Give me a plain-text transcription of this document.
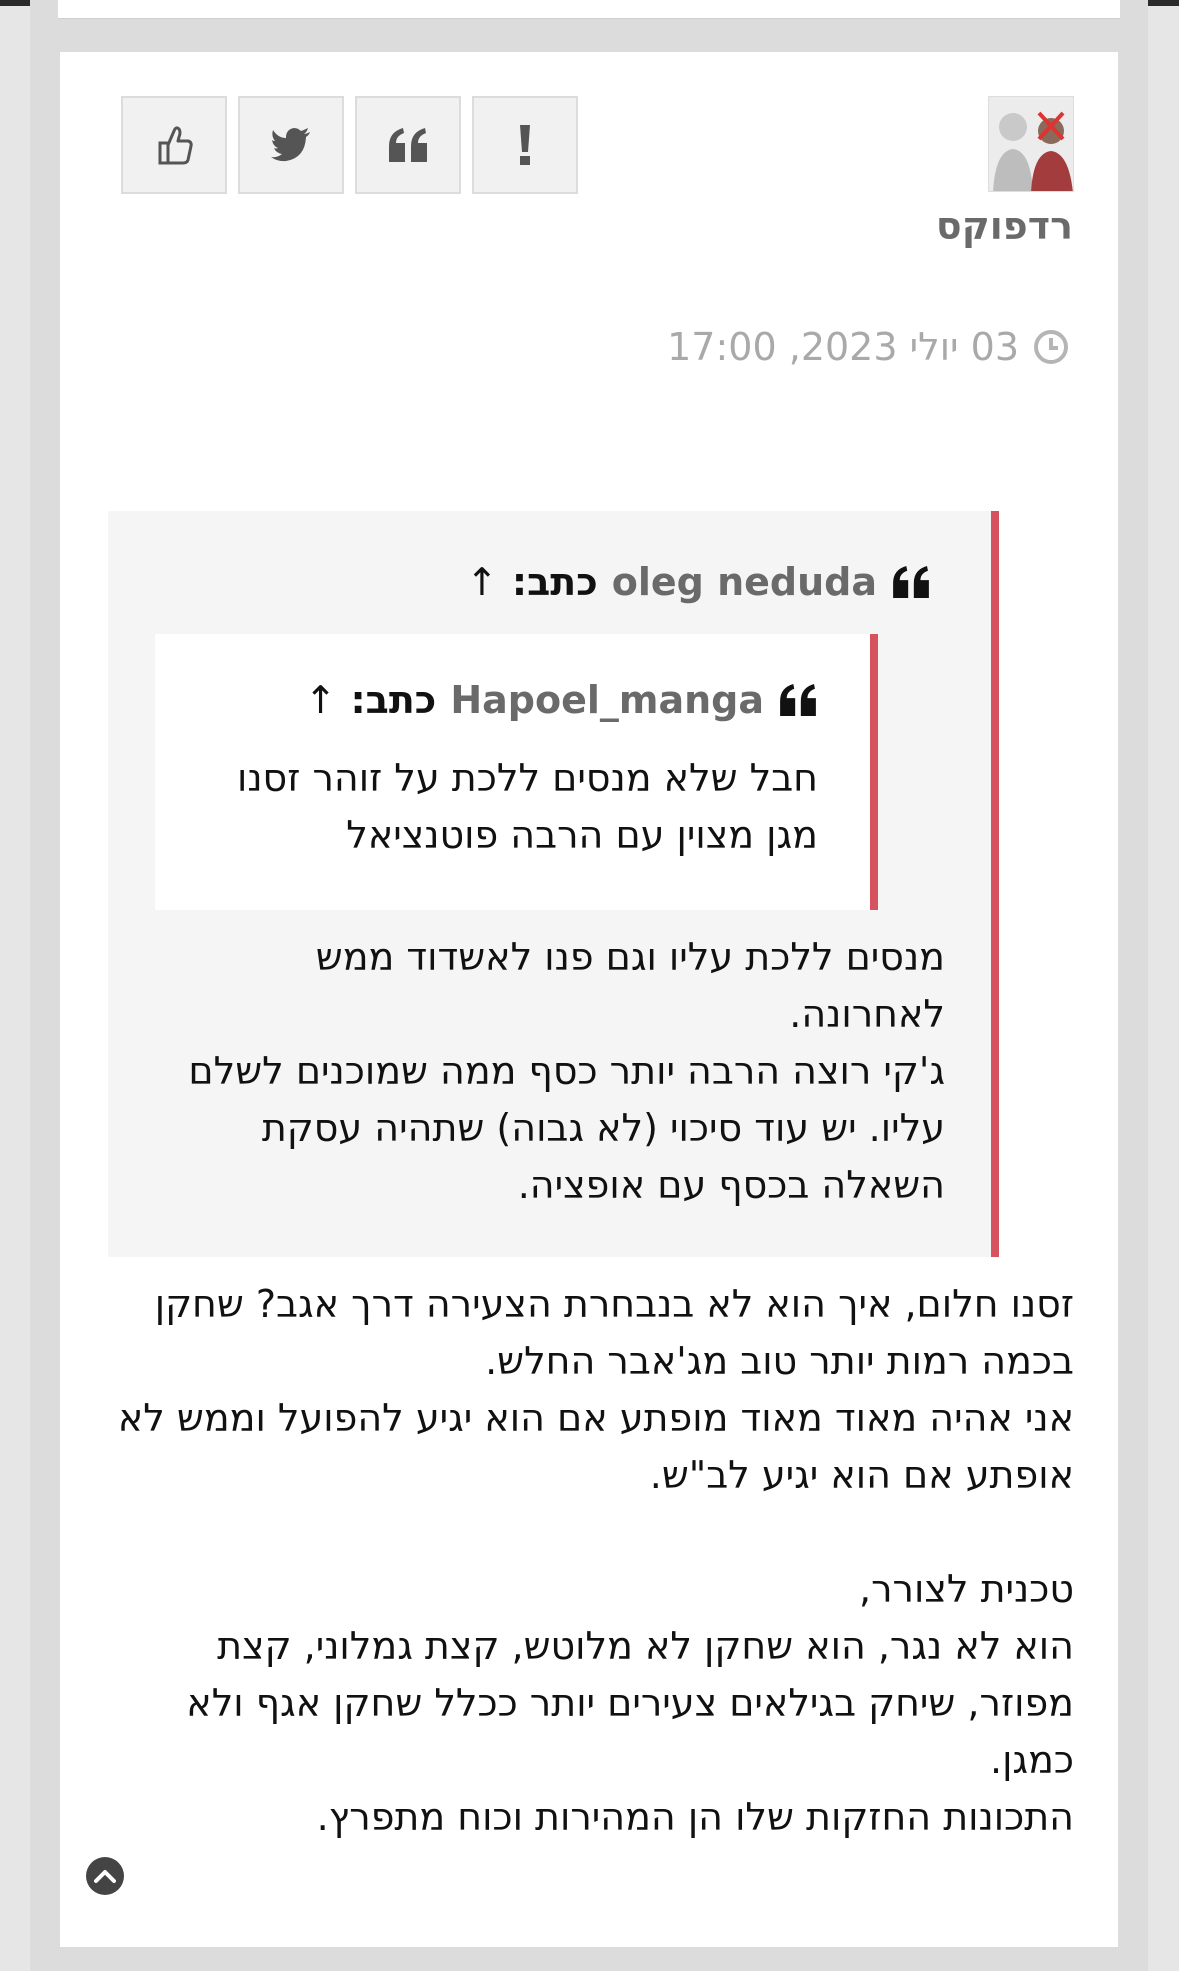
רדפוקס
03 יולי 2023, 17:00
oleg neduda
כתב:
↑
Hapoel_manga
כתב:
↑
חבל שלא מנסים ללכת על זוהר זסנו
מגן מצוין עם הרבה פוטנציאל
מנסים ללכת עליו וגם פנו לאשדוד ממש
לאחרונה.
ג'קי רוצה הרבה יותר כסף ממה שמוכנים לשלם
עליו. יש עוד סיכוי (לא גבוה) שתהיה עסקת
השאלה בכסף עם אופציה.
זסנו חלום, איך הוא לא בנבחרת הצעירה דרך אגב? שחקן
בכמה רמות יותר טוב מג'אבר החלש.
אני אהיה מאוד מאוד מופתע אם הוא יגיע להפועל וממש לא
אופתע אם הוא יגיע לב"ש.
טכנית לצורר,
הוא לא נגר, הוא שחקן לא מלוטש, קצת גמלוני, קצת
מפוזר, שיחק בגילאים צעירים יותר ככלל שחקן אגף ולא
כמגן.
התכונות החזקות שלו הן המהירות וכוח מתפרץ.
